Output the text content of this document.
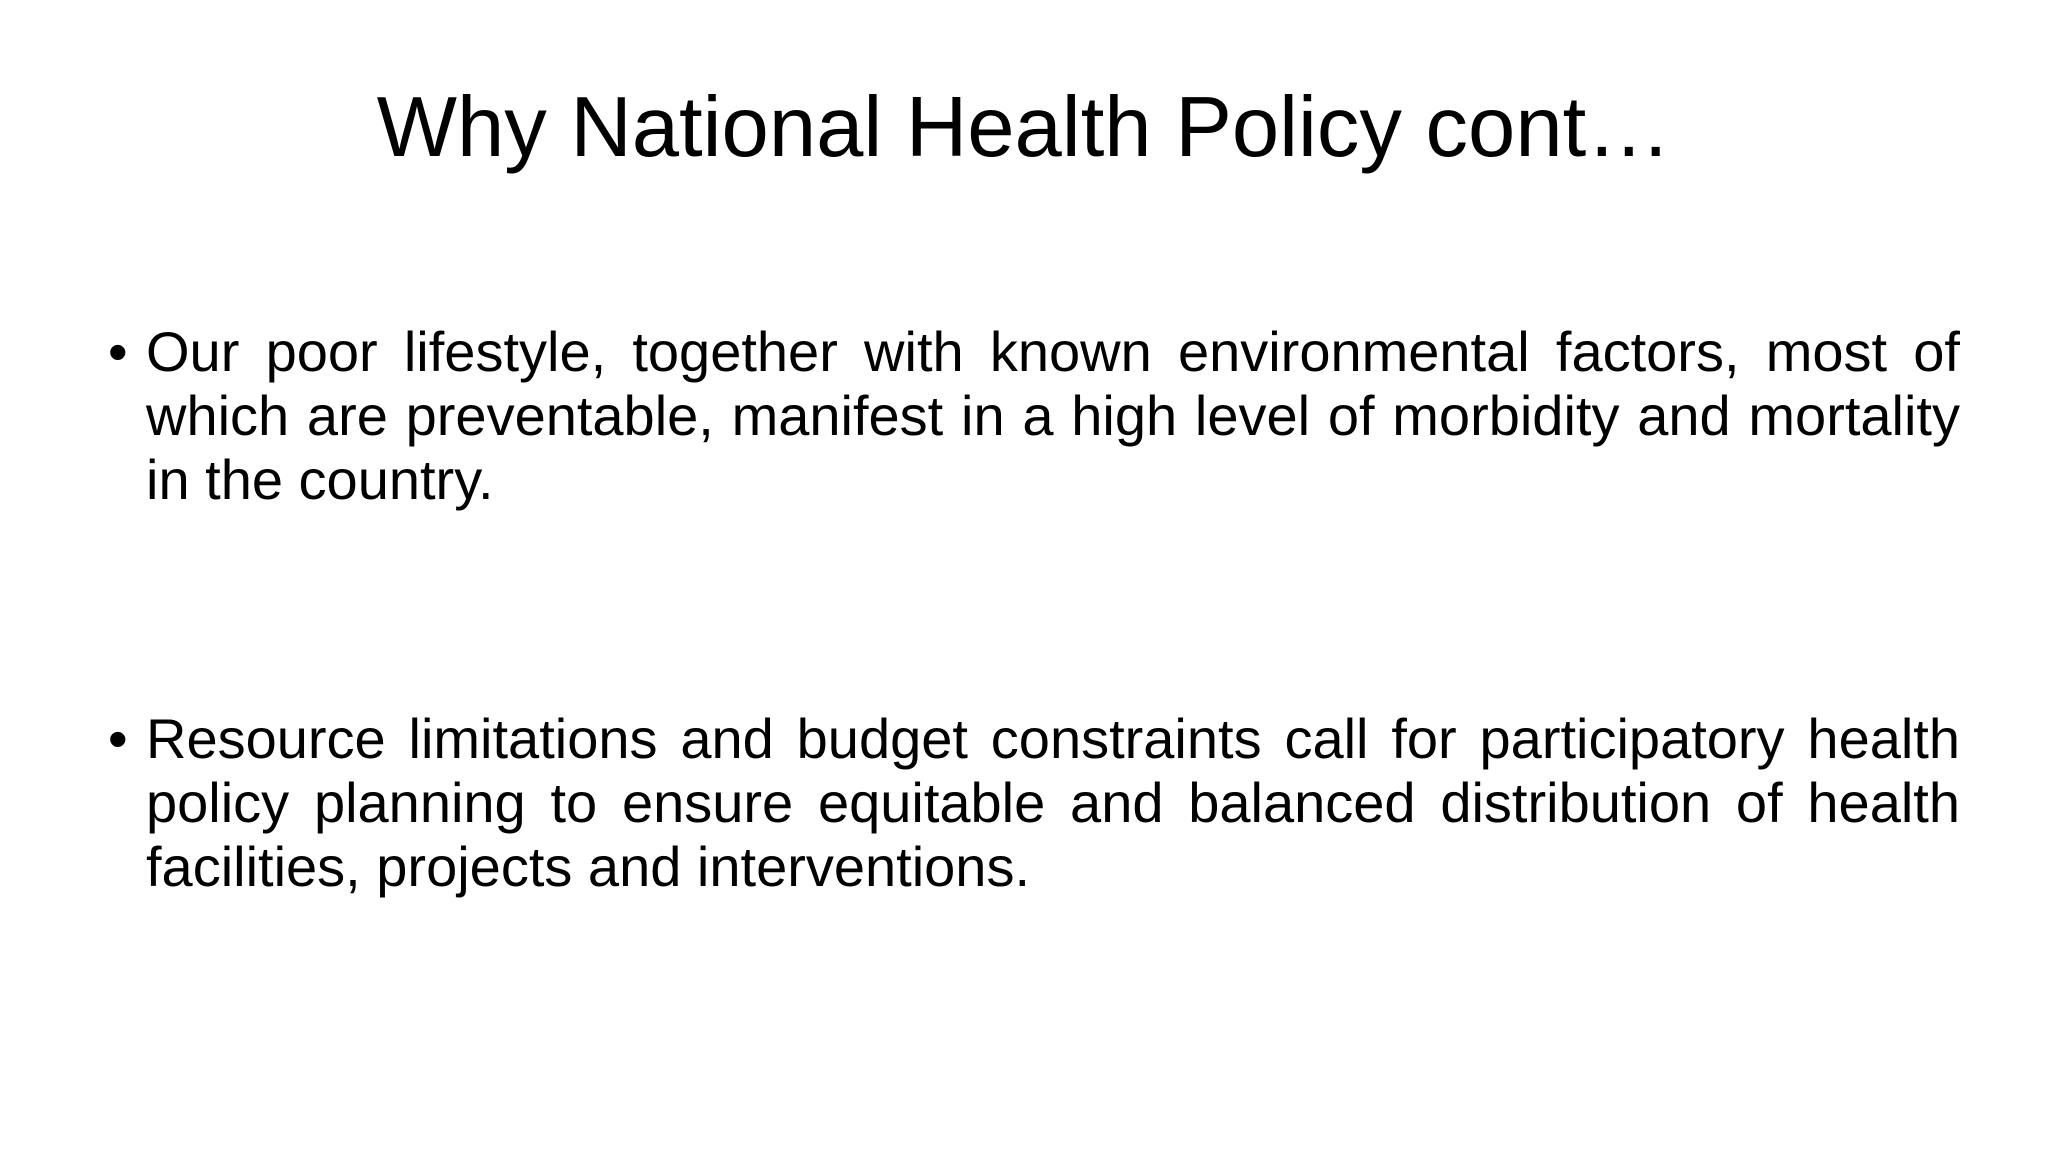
Why National Health Policy cont…
• Our poor lifestyle, together with known environmental factors, most of which are preventable, manifest in a high level of morbidity and mortality in the country.
• Resource limitations and budget constraints call for participatory health policy planning to ensure equitable and balanced distribution of health facilities, projects and interventions.
